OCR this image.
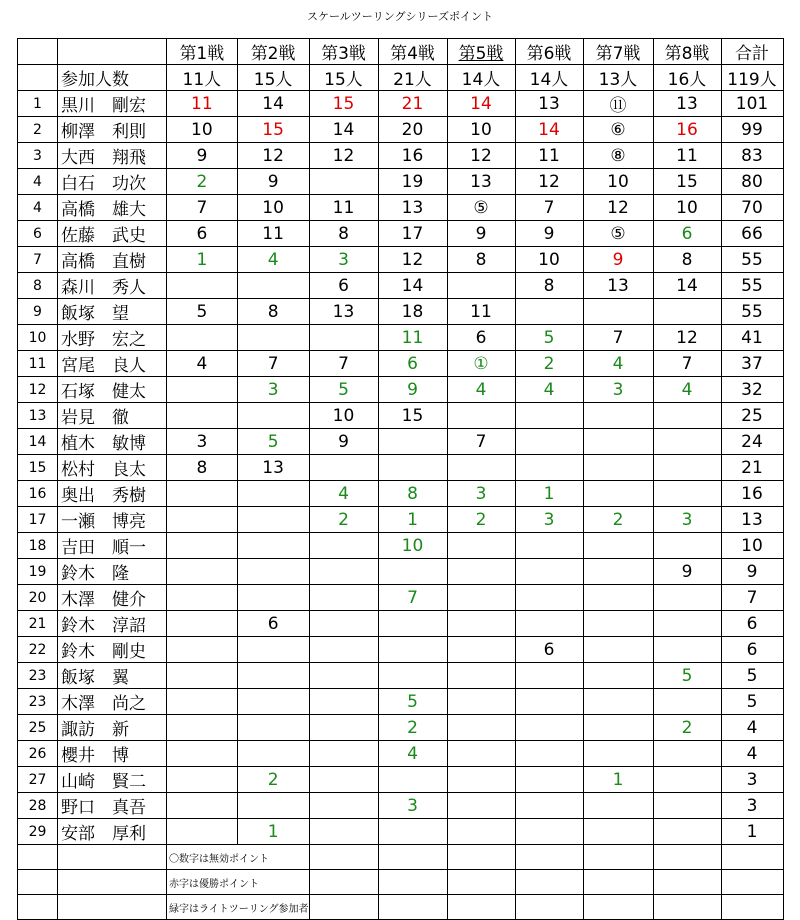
スケールツーリングシリーズポイント
		第1戦	第2戦	第3戦	第4戦	第5戦	第6戦	第7戦	第8戦	合計
	参加人数	11人	15人	15人	21人	14人	14人	13人	16人	119人
1	黒川　剛宏	11	14	15	21	14	13	⑪	13	101
2	柳澤　利則	10	15	14	20	10	14	⑥	16	99
3	大西　翔飛	9	12	12	16	12	11	⑧	11	83
4	白石　功次	2	9		19	13	12	10	15	80
4	高橋　雄大	7	10	11	13	⑤	7	12	10	70
6	佐藤　武史	6	11	8	17	9	9	⑤	6	66
7	高橋　直樹	1	4	3	12	8	10	9	8	55
8	森川　秀人			6	14		8	13	14	55
9	飯塚　望	5	8	13	18	11				55
10	水野　宏之				11	6	5	7	12	41
11	宮尾　良人	4	7	7	6	①	2	4	7	37
12	石塚　健太		3	5	9	4	4	3	4	32
13	岩見　徹			10	15					25
14	植木　敏博	3	5	9		7				24
15	松村　良太	8	13							21
16	奥出　秀樹			4	8	3	1			16
17	一瀬　博亮			2	1	2	3	2	3	13
18	吉田　順一				10					10
19	鈴木　隆								9	9
20	木澤　健介				7					7
21	鈴木　淳詔		6							6
22	鈴木　剛史						6			6
23	飯塚　翼								5	5
23	木澤　尚之				5					5
25	諏訪　新				2				2	4
26	櫻井　博				4					4
27	山崎　賢二		2					1		3
28	野口　真吾				3					3
29	安部　厚利		1							1
		〇数字は無効ポイント								
		赤字は優勝ポイント								
		緑字はライトツーリング参加者								
